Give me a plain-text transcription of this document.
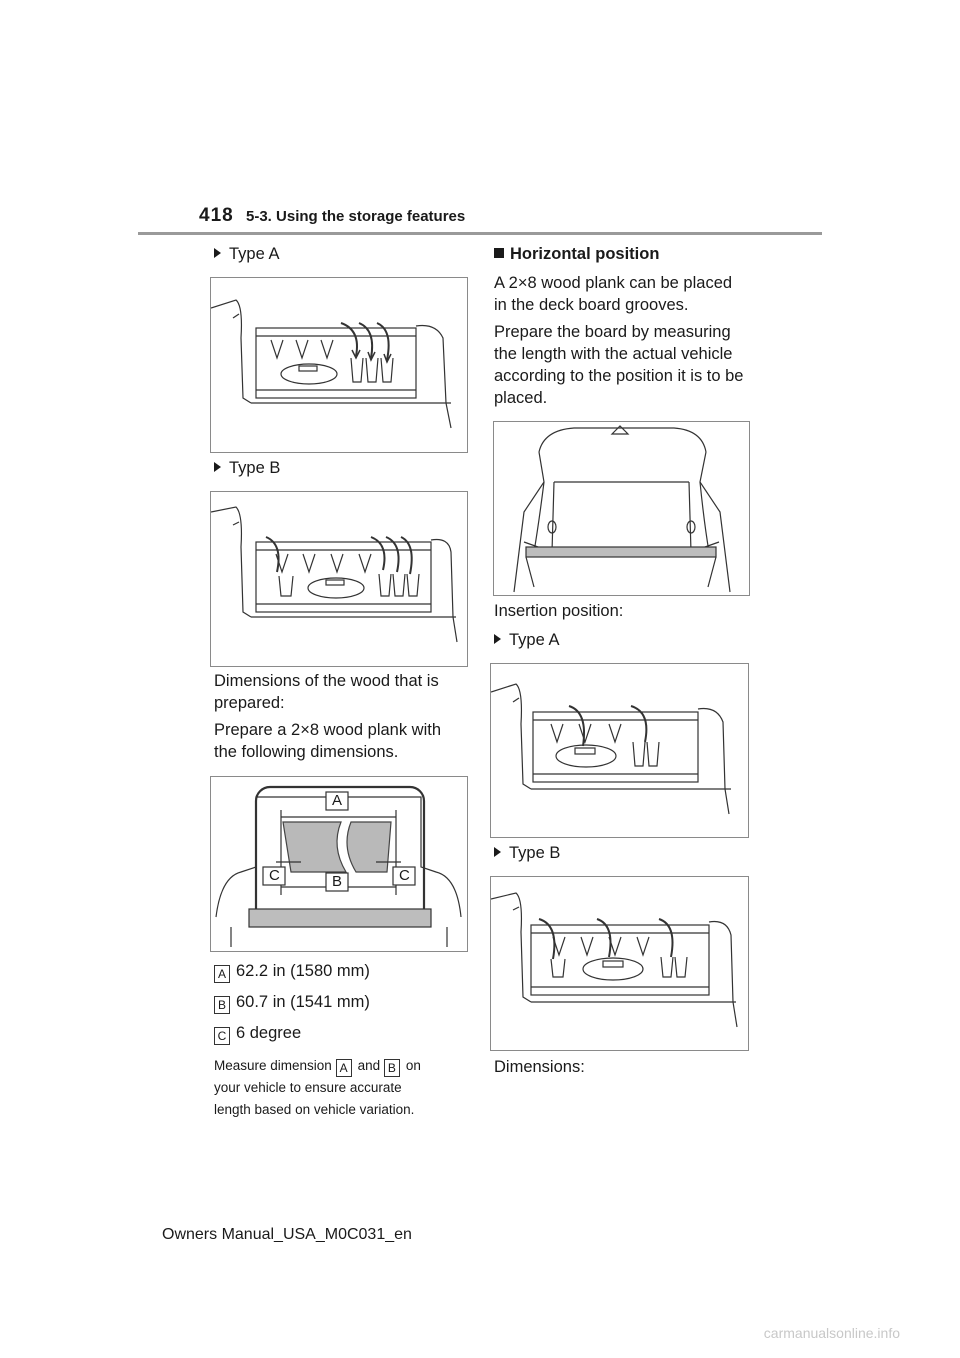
418 5-3. Using the storage features
Type A
Type B
Dimensions of the wood that is prepared:
Prepare a 2×8 wood plank with the following dimensions.
A
B
C	C
A 62.2 in (1580 mm)
B 60.7 in (1541 mm)
C 6 degree
Measure dimension A and B on
your vehicle to ensure accurate
length based on vehicle variation.
Horizontal position
A 2×8 wood plank can be placed in the deck board grooves.
Prepare the board by measuring the length with the actual vehicle according to the position it is to be placed.
Insertion position:
Type A
Type B
Dimensions:
Owners Manual_USA_M0C031_en
carmanualsonline.info
